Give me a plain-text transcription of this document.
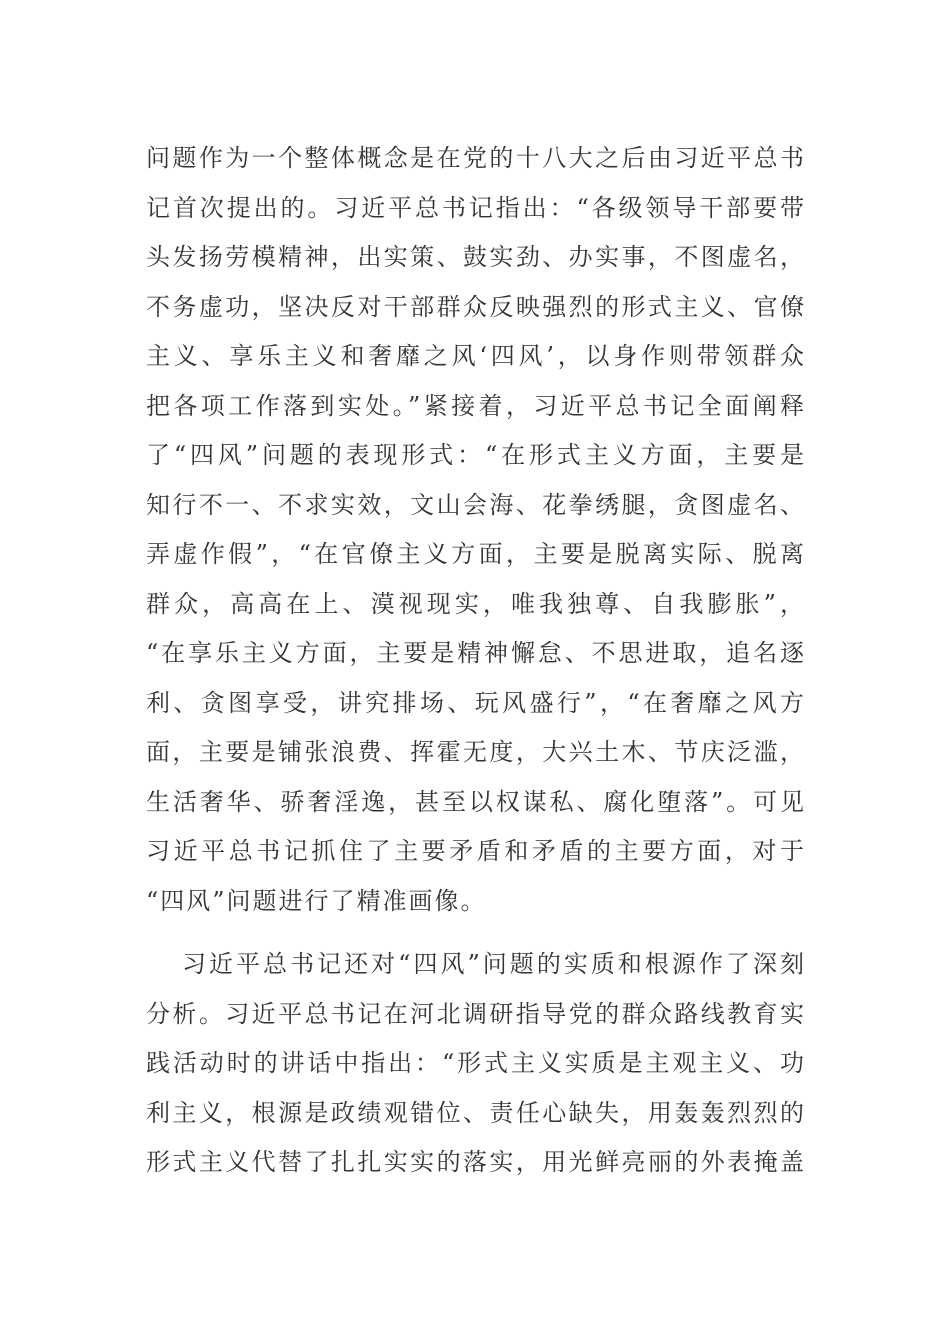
问题作为一个整体概念是在党的十八大之后由习近平总书
记首次提出的。习近平总书记指出：“各级领导干部要带
头发扬劳模精神，出实策、鼓实劲、办实事，不图虚名，
不务虚功，坚决反对干部群众反映强烈的形式主义、官僚
主义、享乐主义和奢靡之风‘四风’，以身作则带领群众
把各项工作落到实处。”紧接着，习近平总书记全面阐释
了“四风”问题的表现形式：“在形式主义方面，主要是
知行不一、不求实效，文山会海、花拳绣腿，贪图虚名、
弄虚作假”，“在官僚主义方面，主要是脱离实际、脱离
群众，高高在上、漠视现实，唯我独尊、自我膨胀”，
“在享乐主义方面，主要是精神懈怠、不思进取，追名逐
利、贪图享受，讲究排场、玩风盛行”，“在奢靡之风方
面，主要是铺张浪费、挥霍无度，大兴土木、节庆泛滥，
生活奢华、骄奢淫逸，甚至以权谋私、腐化堕落”。可见
习近平总书记抓住了主要矛盾和矛盾的主要方面，对于
“四风”问题进行了精准画像。
习近平总书记还对“四风”问题的实质和根源作了深刻
分析。习近平总书记在河北调研指导党的群众路线教育实
践活动时的讲话中指出：“形式主义实质是主观主义、功
利主义，根源是政绩观错位、责任心缺失，用轰轰烈烈的
形式主义代替了扎扎实实的落实，用光鲜亮丽的外表掩盖
